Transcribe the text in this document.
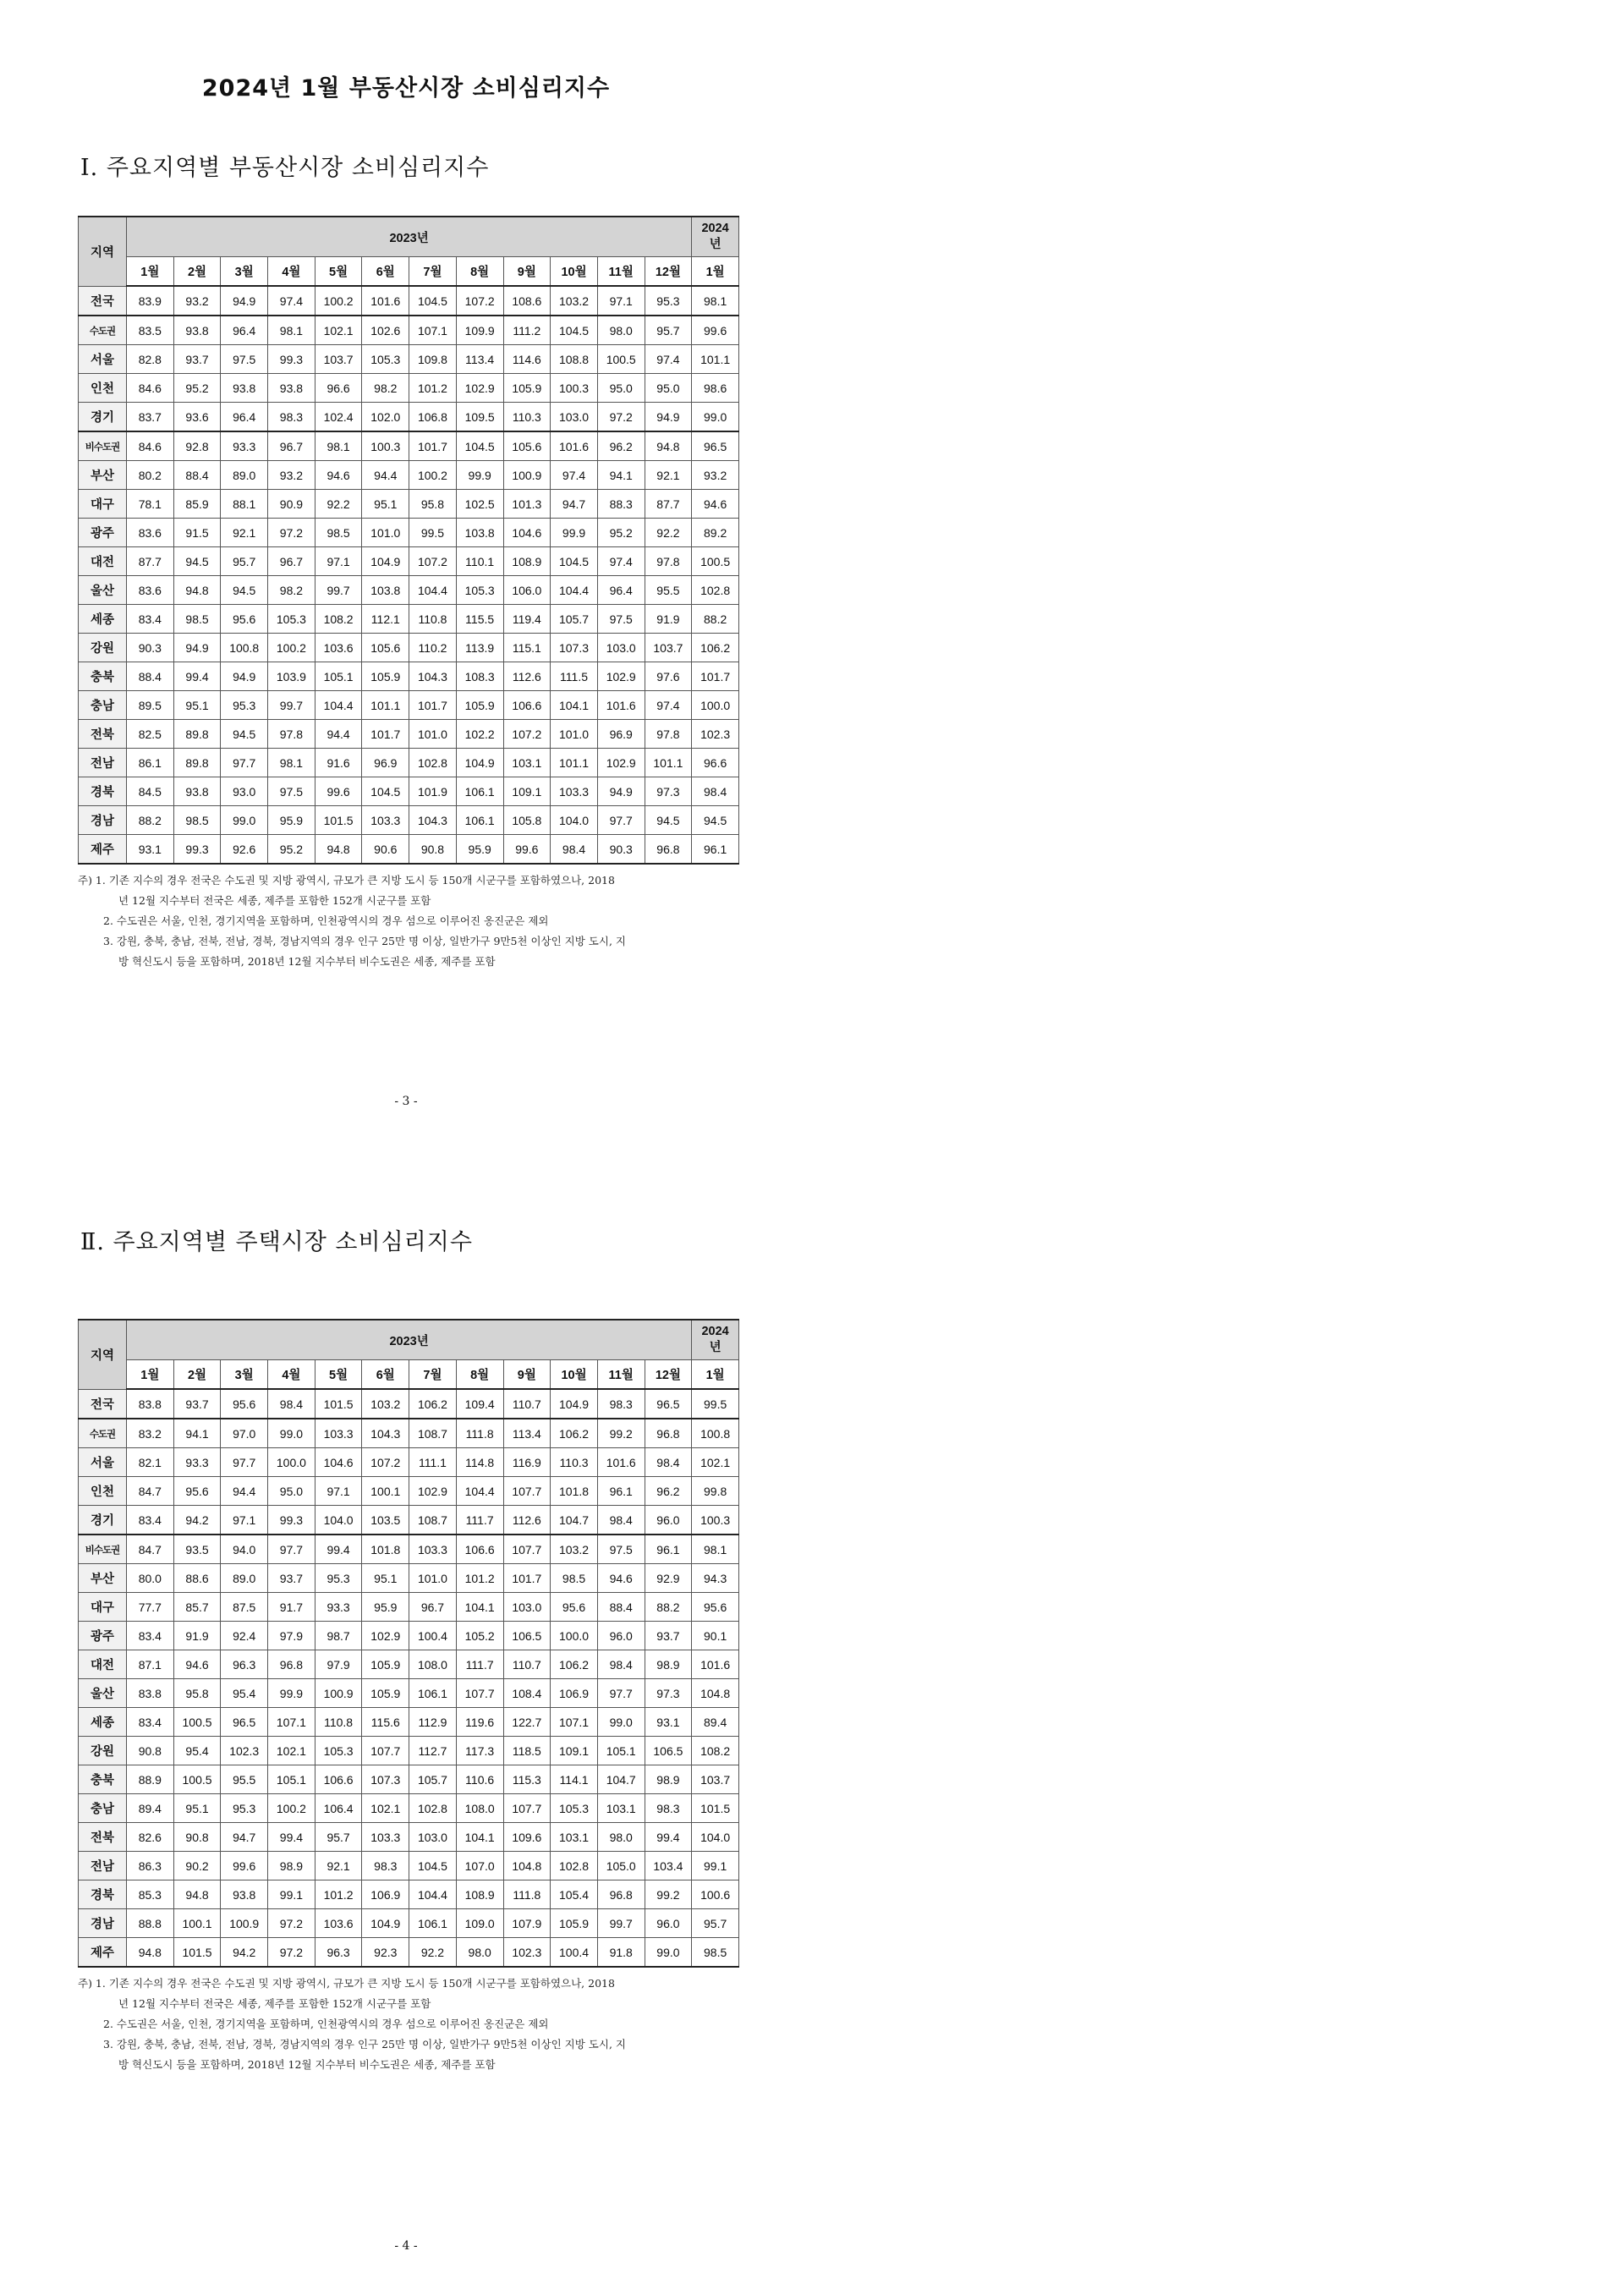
2024년 1월 부동산시장 소비심리지수
Ⅰ. 주요지역별 부동산시장 소비심리지수
지역	2023년												2024
년
	1월	2월	3월	4월	5월	6월	7월	8월	9월	10월	11월	12월	1월
전국	83.9	93.2	94.9	97.4	100.2	101.6	104.5	107.2	108.6	103.2	97.1	95.3	98.1
수도권	83.5	93.8	96.4	98.1	102.1	102.6	107.1	109.9	111.2	104.5	98.0	95.7	99.6
서울	82.8	93.7	97.5	99.3	103.7	105.3	109.8	113.4	114.6	108.8	100.5	97.4	101.1
인천	84.6	95.2	93.8	93.8	96.6	98.2	101.2	102.9	105.9	100.3	95.0	95.0	98.6
경기	83.7	93.6	96.4	98.3	102.4	102.0	106.8	109.5	110.3	103.0	97.2	94.9	99.0
비수도권	84.6	92.8	93.3	96.7	98.1	100.3	101.7	104.5	105.6	101.6	96.2	94.8	96.5
부산	80.2	88.4	89.0	93.2	94.6	94.4	100.2	99.9	100.9	97.4	94.1	92.1	93.2
대구	78.1	85.9	88.1	90.9	92.2	95.1	95.8	102.5	101.3	94.7	88.3	87.7	94.6
광주	83.6	91.5	92.1	97.2	98.5	101.0	99.5	103.8	104.6	99.9	95.2	92.2	89.2
대전	87.7	94.5	95.7	96.7	97.1	104.9	107.2	110.1	108.9	104.5	97.4	97.8	100.5
울산	83.6	94.8	94.5	98.2	99.7	103.8	104.4	105.3	106.0	104.4	96.4	95.5	102.8
세종	83.4	98.5	95.6	105.3	108.2	112.1	110.8	115.5	119.4	105.7	97.5	91.9	88.2
강원	90.3	94.9	100.8	100.2	103.6	105.6	110.2	113.9	115.1	107.3	103.0	103.7	106.2
충북	88.4	99.4	94.9	103.9	105.1	105.9	104.3	108.3	112.6	111.5	102.9	97.6	101.7
충남	89.5	95.1	95.3	99.7	104.4	101.1	101.7	105.9	106.6	104.1	101.6	97.4	100.0
전북	82.5	89.8	94.5	97.8	94.4	101.7	101.0	102.2	107.2	101.0	96.9	97.8	102.3
전남	86.1	89.8	97.7	98.1	91.6	96.9	102.8	104.9	103.1	101.1	102.9	101.1	96.6
경북	84.5	93.8	93.0	97.5	99.6	104.5	101.9	106.1	109.1	103.3	94.9	97.3	98.4
경남	88.2	98.5	99.0	95.9	101.5	103.3	104.3	106.1	105.8	104.0	97.7	94.5	94.5
제주	93.1	99.3	92.6	95.2	94.8	90.6	90.8	95.9	99.6	98.4	90.3	96.8	96.1
주) 1. 기존 지수의 경우 전국은 수도권 및 지방 광역시, 규모가 큰 지방 도시 등 150개 시군구를 포함하였으나, 2018
년 12월 지수부터 전국은 세종, 제주를 포함한 152개 시군구를 포함
2. 수도권은 서울, 인천, 경기지역을 포함하며, 인천광역시의 경우 섬으로 이루어진 옹진군은 제외
3. 강원, 충북, 충남, 전북, 전남, 경북, 경남지역의 경우 인구 25만 명 이상, 일반가구 9만5천 이상인 지방 도시, 지
방 혁신도시 등을 포함하며, 2018년 12월 지수부터 비수도권은 세종, 제주를 포함
- 3 -
Ⅱ. 주요지역별 주택시장 소비심리지수
지역	2023년												2024
년
	1월	2월	3월	4월	5월	6월	7월	8월	9월	10월	11월	12월	1월
전국	83.8	93.7	95.6	98.4	101.5	103.2	106.2	109.4	110.7	104.9	98.3	96.5	99.5
수도권	83.2	94.1	97.0	99.0	103.3	104.3	108.7	111.8	113.4	106.2	99.2	96.8	100.8
서울	82.1	93.3	97.7	100.0	104.6	107.2	111.1	114.8	116.9	110.3	101.6	98.4	102.1
인천	84.7	95.6	94.4	95.0	97.1	100.1	102.9	104.4	107.7	101.8	96.1	96.2	99.8
경기	83.4	94.2	97.1	99.3	104.0	103.5	108.7	111.7	112.6	104.7	98.4	96.0	100.3
비수도권	84.7	93.5	94.0	97.7	99.4	101.8	103.3	106.6	107.7	103.2	97.5	96.1	98.1
부산	80.0	88.6	89.0	93.7	95.3	95.1	101.0	101.2	101.7	98.5	94.6	92.9	94.3
대구	77.7	85.7	87.5	91.7	93.3	95.9	96.7	104.1	103.0	95.6	88.4	88.2	95.6
광주	83.4	91.9	92.4	97.9	98.7	102.9	100.4	105.2	106.5	100.0	96.0	93.7	90.1
대전	87.1	94.6	96.3	96.8	97.9	105.9	108.0	111.7	110.7	106.2	98.4	98.9	101.6
울산	83.8	95.8	95.4	99.9	100.9	105.9	106.1	107.7	108.4	106.9	97.7	97.3	104.8
세종	83.4	100.5	96.5	107.1	110.8	115.6	112.9	119.6	122.7	107.1	99.0	93.1	89.4
강원	90.8	95.4	102.3	102.1	105.3	107.7	112.7	117.3	118.5	109.1	105.1	106.5	108.2
충북	88.9	100.5	95.5	105.1	106.6	107.3	105.7	110.6	115.3	114.1	104.7	98.9	103.7
충남	89.4	95.1	95.3	100.2	106.4	102.1	102.8	108.0	107.7	105.3	103.1	98.3	101.5
전북	82.6	90.8	94.7	99.4	95.7	103.3	103.0	104.1	109.6	103.1	98.0	99.4	104.0
전남	86.3	90.2	99.6	98.9	92.1	98.3	104.5	107.0	104.8	102.8	105.0	103.4	99.1
경북	85.3	94.8	93.8	99.1	101.2	106.9	104.4	108.9	111.8	105.4	96.8	99.2	100.6
경남	88.8	100.1	100.9	97.2	103.6	104.9	106.1	109.0	107.9	105.9	99.7	96.0	95.7
제주	94.8	101.5	94.2	97.2	96.3	92.3	92.2	98.0	102.3	100.4	91.8	99.0	98.5
주) 1. 기존 지수의 경우 전국은 수도권 및 지방 광역시, 규모가 큰 지방 도시 등 150개 시군구를 포함하였으나, 2018
년 12월 지수부터 전국은 세종, 제주를 포함한 152개 시군구를 포함
2. 수도권은 서울, 인천, 경기지역을 포함하며, 인천광역시의 경우 섬으로 이루어진 옹진군은 제외
3. 강원, 충북, 충남, 전북, 전남, 경북, 경남지역의 경우 인구 25만 명 이상, 일반가구 9만5천 이상인 지방 도시, 지
방 혁신도시 등을 포함하며, 2018년 12월 지수부터 비수도권은 세종, 제주를 포함
- 4 -
